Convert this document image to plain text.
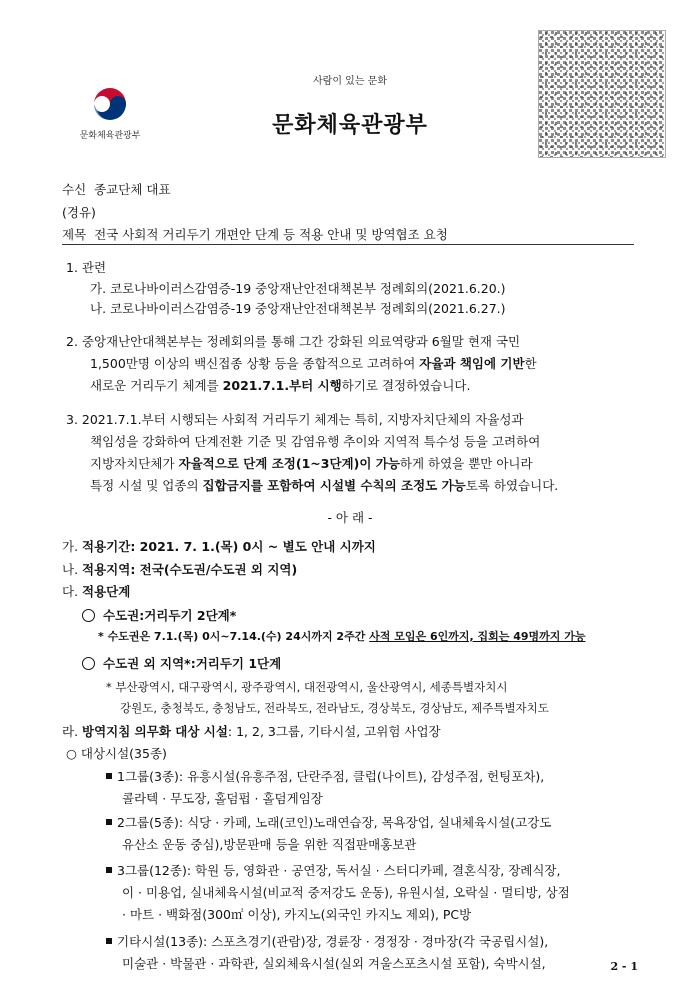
사람이 있는 문화
문화체육관광부	문화체육관광부
수신 종교단체 대표
(경유)
제목 전국 사회적 거리두기 개편안 단계 등 적용 안내 및 방역협조 요청
1. 관련
가. 코로나바이러스감염증-19 중앙재난안전대책본부 정례회의(2021.6.20.)
나. 코로나바이러스감염증-19 중앙재난안전대책본부 정례회의(2021.6.27.)
2. 중앙재난안대책본부는 정례회의를 통해 그간 강화된 의료역량과 6월말 현재 국민
1,500만명 이상의 백신접종 상황 등을 종합적으로 고려하여 자율과 책임에 기반한
새로운 거리두기 체계를 2021.7.1.부터 시행하기로 결정하였습니다.
3. 2021.7.1.부터 시행되는 사회적 거리두기 체계는 특히, 지방자치단체의 자율성과
책임성을 강화하여 단계전환 기준 및 감염유행 추이와 지역적 특수성 등을 고려하여
지방자치단체가 자율적으로 단계 조정(1~3단계)이 가능하게 하였을 뿐만 아니라
특정 시설 및 업종의 집합금지를 포함하여 시설별 수칙의 조정도 가능토록 하였습니다.
- 아 래 -
가. 적용기간: 2021. 7. 1.(목) 0시 ~ 별도 안내 시까지
나. 적용지역: 전국(수도권/수도권 외 지역)
다. 적용단계
수도권:거리두기 2단계*
* 수도권은 7.1.(목) 0시~7.14.(수) 24시까지 2주간 사적 모임은 6인까지, 집회는 49명까지 가능
수도권 외 지역*:거리두기 1단계
* 부산광역시, 대구광역시, 광주광역시, 대전광역시, 울산광역시, 세종특별자치시
강원도, 충청북도, 충청남도, 전라북도, 전라남도, 경상북도, 경상남도, 제주특별자치도
라. 방역지침 의무화 대상 시설: 1, 2, 3그룹, 기타시설, 고위험 사업장
○ 대상시설(35종)
1그룹(3종): 유흥시설(유흥주점, 단란주점, 클럽(나이트), 감성주점, 헌팅포차),
콜라텍 · 무도장, 홀덤펍 · 홀덤게임장
2그룹(5종): 식당 · 카페, 노래(코인)노래연습장, 목욕장업, 실내체육시설(고강도
유산소 운동 중심),방문판매 등을 위한 직접판매홍보관
3그룹(12종): 학원 등, 영화관 · 공연장, 독서실 · 스터디카페, 결혼식장, 장례식장,
이 · 미용업, 실내체육시설(비교적 중저강도 운동), 유원시설, 오락실 · 멀티방, 상점
· 마트 · 백화점(300㎡ 이상), 카지노(외국인 카지노 제외), PC방
기타시설(13종): 스포츠경기(관람)장, 경륜장 · 경정장 · 경마장(각 국공립시설),
미술관 · 박물관 · 과학관, 실외체육시설(실외 겨울스포츠시설 포함), 숙박시설,	2 - 1
